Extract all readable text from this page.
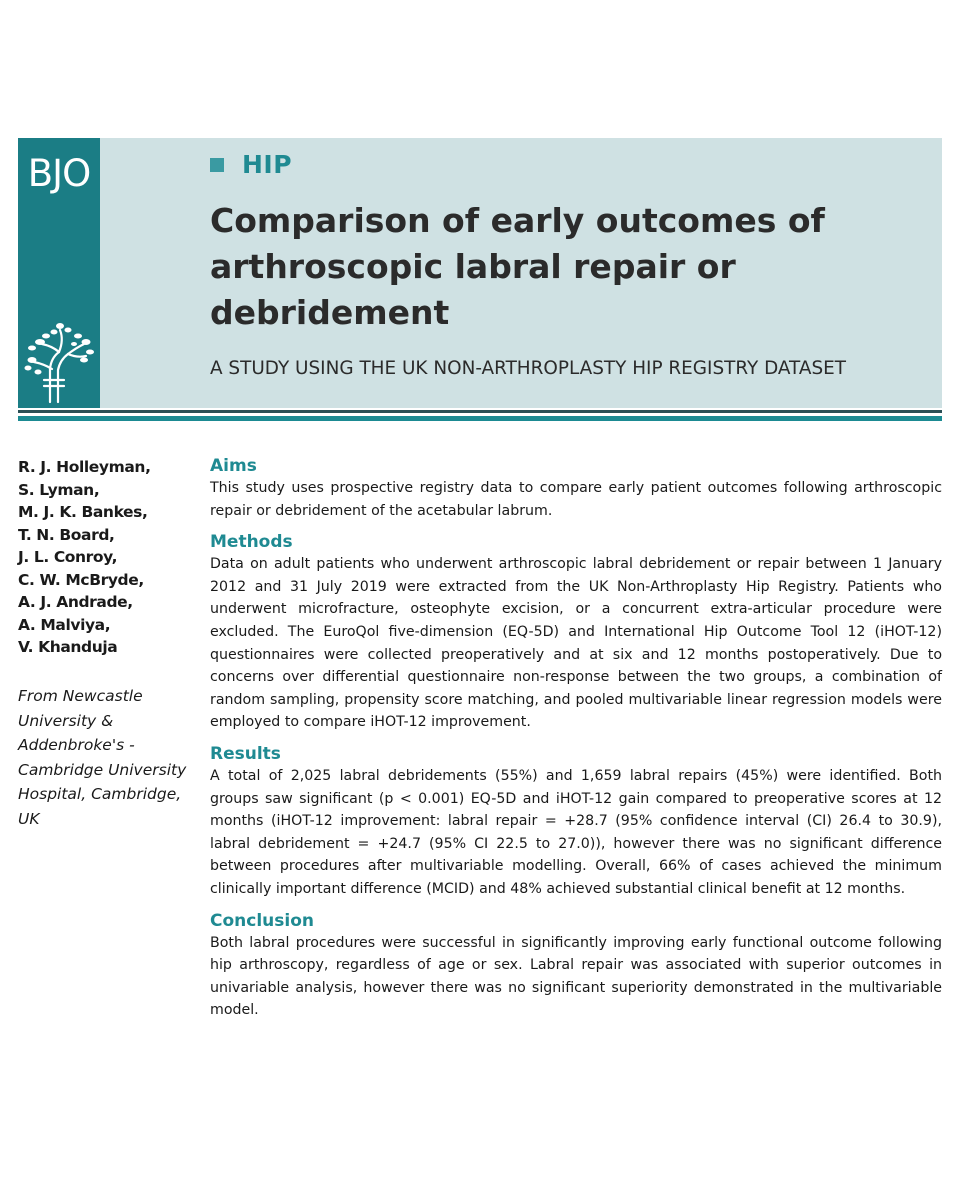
BJO	HIP
Comparison of early outcomes of arthroscopic labral repair or debridement
A STUDY USING THE UK NON-ARTHROPLASTY HIP REGISTRY DATASET
R. J. Holleyman,
S. Lyman,
M. J. K. Bankes,
T. N. Board,
J. L. Conroy,
C. W. McBryde,
A. J. Andrade,
A. Malviya,
V. Khanduja
From Newcastle University & Addenbroke's - Cambridge University Hospital, Cambridge, UK
Aims

This study uses prospective registry data to compare early patient outcomes following arthroscopic repair or debridement of the acetabular labrum.

Methods

Data on adult patients who underwent arthroscopic labral debridement or repair between 1 January 2012 and 31 July 2019 were extracted from the UK Non-Arthroplasty Hip Registry. Patients who underwent microfracture, osteophyte excision, or a concurrent extra-articular procedure were excluded. The EuroQol five-dimension (EQ-5D) and International Hip Outcome Tool 12 (iHOT-12) questionnaires were collected preoperatively and at six and 12 months postoperatively. Due to concerns over differential questionnaire non-response between the two groups, a combination of random sampling, propensity score matching, and pooled multivariable linear regression models were employed to compare iHOT-12 improvement.

Results

A total of 2,025 labral debridements (55%) and 1,659 labral repairs (45%) were identified. Both groups saw significant (p < 0.001) EQ-5D and iHOT-12 gain compared to preoperative scores at 12 months (iHOT-12 improvement: labral repair = +28.7 (95% confidence interval (CI) 26.4 to 30.9), labral debridement = +24.7 (95% CI 22.5 to 27.0)), however there was no significant difference between procedures after multivariable modelling. Overall, 66% of cases achieved the minimum clinically important difference (MCID) and 48% achieved substantial clinical benefit at 12 months.

Conclusion

Both labral procedures were successful in significantly improving early functional outcome following hip arthroscopy, regardless of age or sex. Labral repair was associated with superior outcomes in univariable analysis, however there was no significant superiority demonstrated in the multivariable model.
